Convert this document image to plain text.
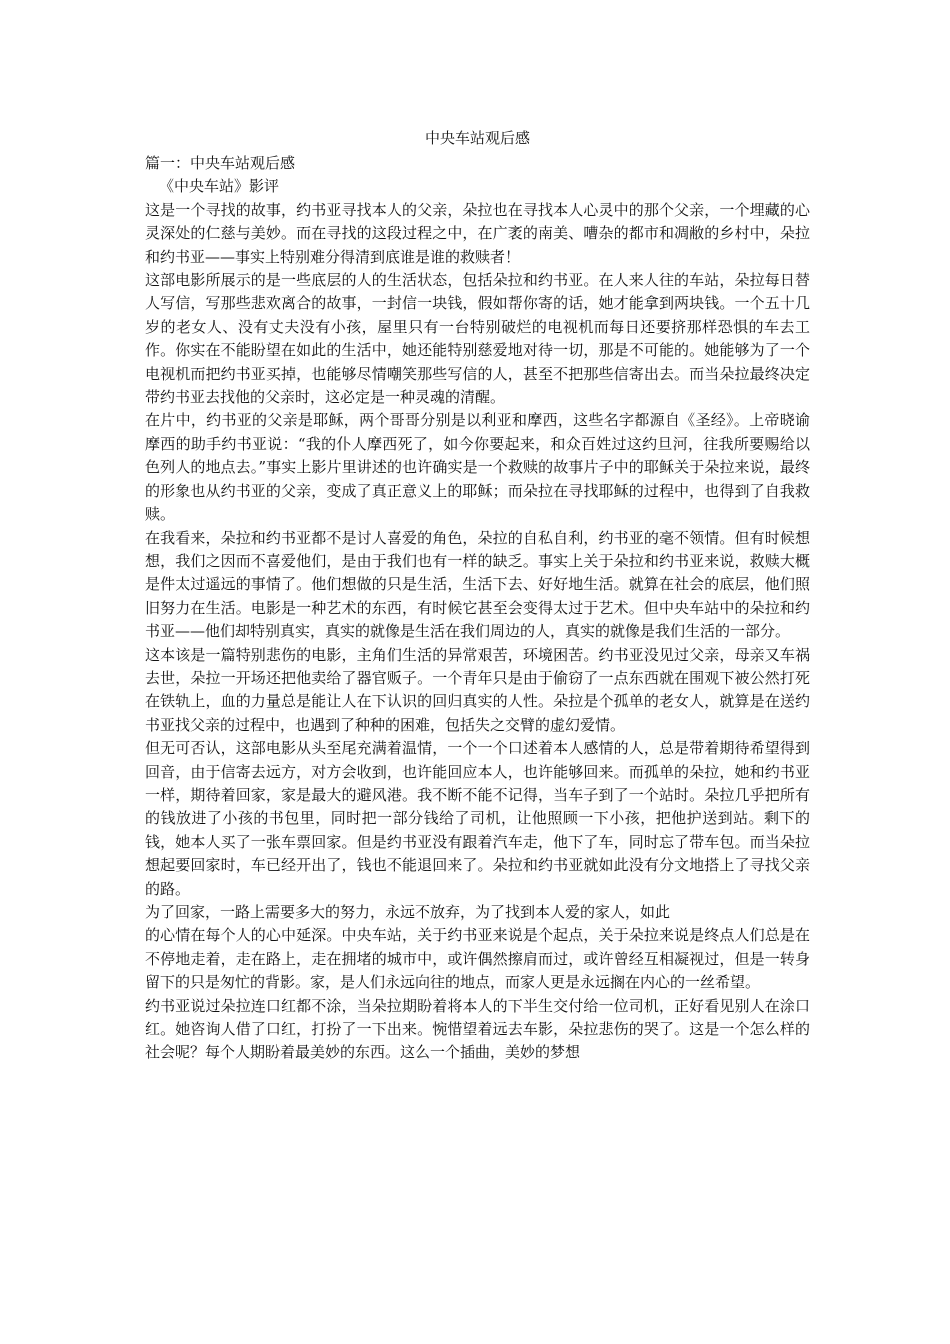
中央车站观后感
篇一：中央车站观后感
《中央车站》影评

这是一个寻找的故事，约书亚寻找本人的父亲，朵拉也在寻找本人心灵中的那个父亲，一个埋藏的心灵深处的仁慈与美妙。而在寻找的这段过程之中，在广袤的南美、嘈杂的都市和凋敝的乡村中，朵拉和约书亚——事实上特别难分得清到底谁是谁的救赎者！

这部电影所展示的是一些底层的人的生活状态，包括朵拉和约书亚。在人来人往的车站，朵拉每日替人写信，写那些悲欢离合的故事，一封信一块钱，假如帮你寄的话，她才能拿到两块钱。一个五十几岁的老女人、没有丈夫没有小孩，屋里只有一台特别破烂的电视机而每日还要挤那样恐惧的车去工作。你实在不能盼望在如此的生活中，她还能特别慈爱地对待一切，那是不可能的。她能够为了一个电视机而把约书亚买掉，也能够尽情嘲笑那些写信的人，甚至不把那些信寄出去。而当朵拉最终决定带约书亚去找他的父亲时，这必定是一种灵魂的清醒。

在片中，约书亚的父亲是耶稣，两个哥哥分别是以利亚和摩西，这些名字都源自《圣经》。上帝晓谕摩西的助手约书亚说：“我的仆人摩西死了，如今你要起来，和众百姓过这约旦河，往我所要赐给以色列人的地点去。”事实上影片里讲述的也许确实是一个救赎的故事片子中的耶稣关于朵拉来说，最终的形象也从约书亚的父亲，变成了真正意义上的耶稣；而朵拉在寻找耶稣的过程中，也得到了自我救赎。

在我看来，朵拉和约书亚都不是讨人喜爱的角色，朵拉的自私自利，约书亚的毫不领情。但有时候想想，我们之因而不喜爱他们，是由于我们也有一样的缺乏。事实上关于朵拉和约书亚来说，救赎大概是件太过遥远的事情了。他们想做的只是生活，生活下去、好好地生活。就算在社会的底层，他们照旧努力在生活。电影是一种艺术的东西，有时候它甚至会变得太过于艺术。但中央车站中的朵拉和约书亚——他们却特别真实，真实的就像是生活在我们周边的人，真实的就像是我们生活的一部分。

这本该是一篇特别悲伤的电影，主角们生活的异常艰苦，环境困苦。约书亚没见过父亲，母亲又车祸去世，朵拉一开场还把他卖给了器官贩子。一个青年只是由于偷窃了一点东西就在围观下被公然打死在铁轨上，血的力量总是能让人在下认识的回归真实的人性。朵拉是个孤单的老女人，就算是在送约书亚找父亲的过程中，也遇到了种种的困难，包括失之交臂的虚幻爱情。

但无可否认，这部电影从头至尾充满着温情，一个一个口述着本人感情的人，总是带着期待希望得到回音，由于信寄去远方，对方会收到，也许能回应本人，也许能够回来。而孤单的朵拉，她和约书亚一样，期待着回家，家是最大的避风港。我不断不能不记得，当车子到了一个站时。朵拉几乎把所有的钱放进了小孩的书包里，同时把一部分钱给了司机，让他照顾一下小孩，把他护送到站。剩下的钱，她本人买了一张车票回家。但是约书亚没有跟着汽车走，他下了车，同时忘了带车包。而当朵拉想起要回家时，车已经开出了，钱也不能退回来了。朵拉和约书亚就如此没有分文地搭上了寻找父亲的路。

为了回家，一路上需要多大的努力，永远不放弃，为了找到本人爱的家人，如此

的心情在每个人的心中延深。中央车站，关于约书亚来说是个起点，关于朵拉来说是终点人们总是在不停地走着，走在路上，走在拥堵的城市中，或许偶然擦肩而过，或许曾经互相凝视过，但是一转身留下的只是匆忙的背影。家，是人们永远向往的地点，而家人更是永远搁在内心的一丝希望。

约书亚说过朵拉连口红都不涂，当朵拉期盼着将本人的下半生交付给一位司机，正好看见别人在涂口红。她咨询人借了口红，打扮了一下出来。惋惜望着远去车影，朵拉悲伤的哭了。这是一个怎么样的社会呢？每个人期盼着最美妙的东西。这么一个插曲，美妙的梦想
